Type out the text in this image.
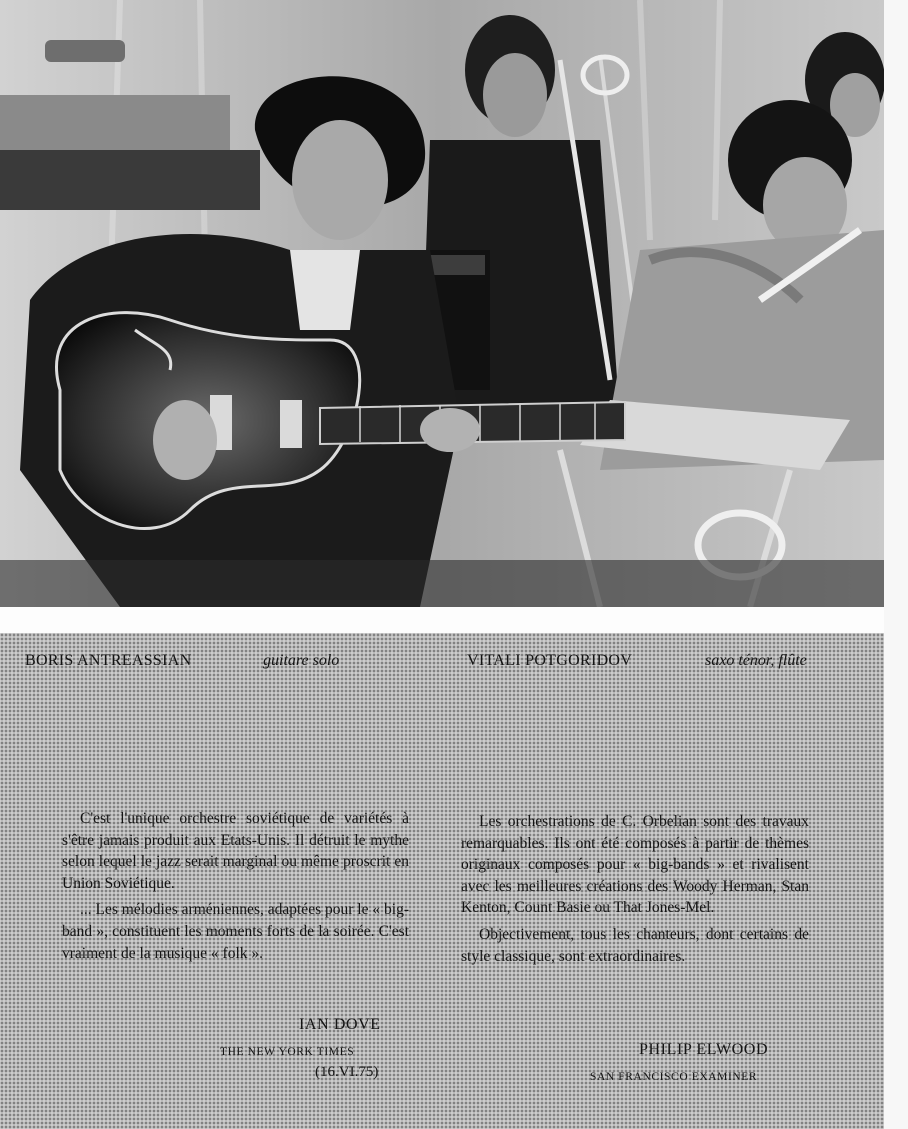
BORIS ANTREASSIAN	guitare solo	VITALI POTGORIDOV	saxo ténor, flûte

C'est l'unique orchestre soviétique de variétés à s'être jamais produit aux Etats-Unis. Il détruit le mythe selon lequel le jazz serait marginal ou même proscrit en Union Soviétique.

... Les mélodies arméniennes, adaptées pour le « big-band », constituent les moments forts de la soirée. C'est vraiment de la musique « folk ».

IAN DOVE
THE NEW YORK TIMES
(16.VI.75)

Les orchestrations de C. Orbelian sont des travaux remarquables. Ils ont été composés à partir de thèmes originaux composés pour « big-bands » et rivalisent avec les meilleures créations des Woody Herman, Stan Kenton, Count Basie ou That Jones-Mel.

Objectivement, tous les chanteurs, dont certains de style classique, sont extraordinaires.

PHILIP ELWOOD
SAN FRANCISCO EXAMINER
